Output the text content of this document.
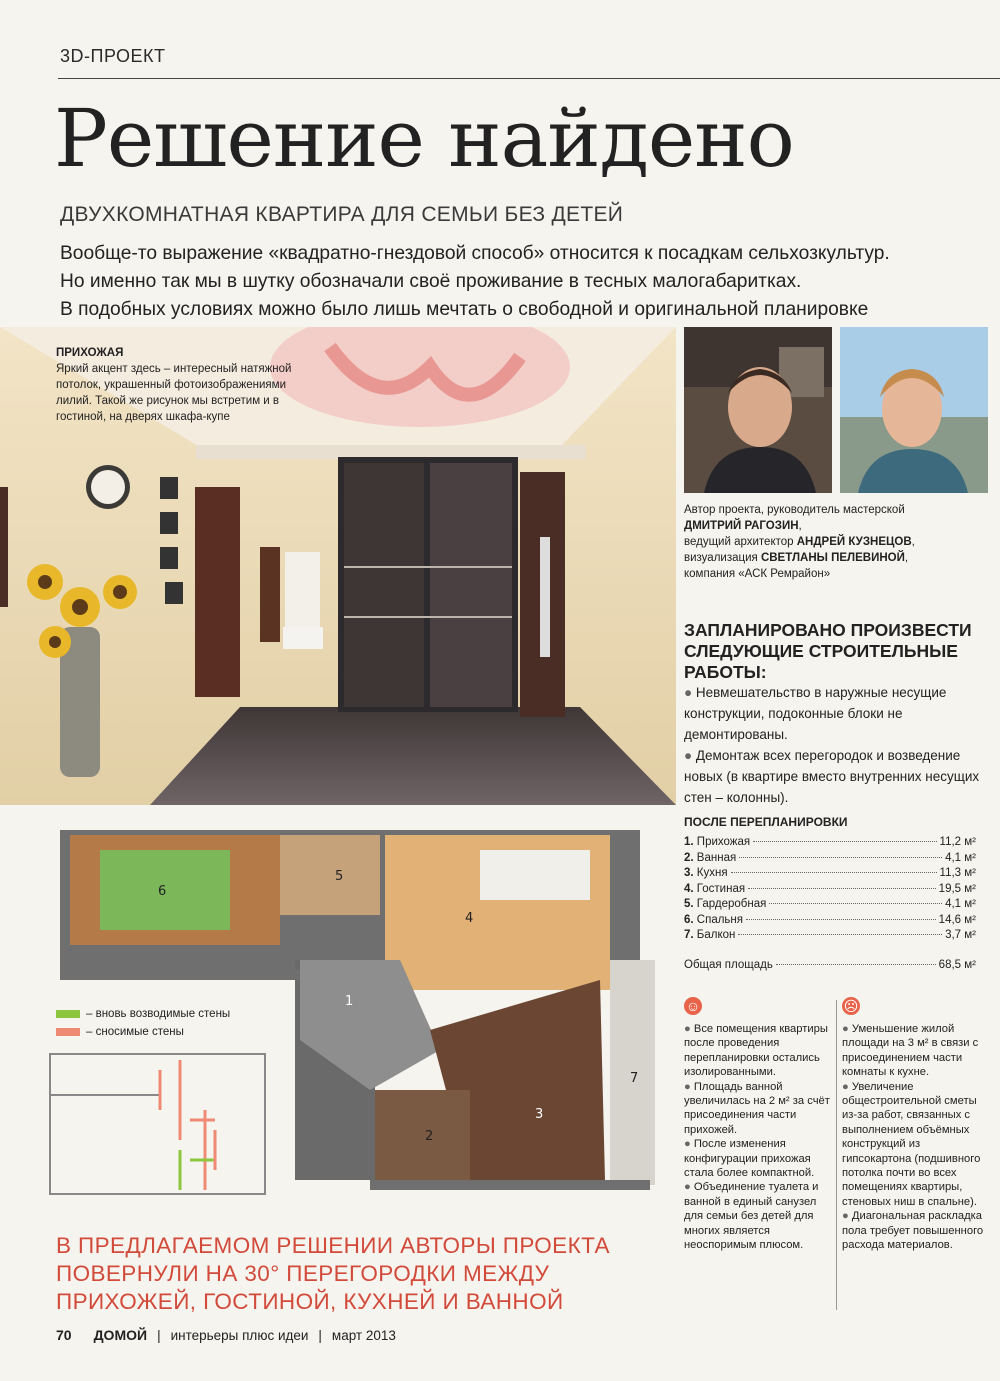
3D-ПРОЕКТ
Решение найдено
ДВУХКОМНАТНАЯ КВАРТИРА ДЛЯ СЕМЬИ БЕЗ ДЕТЕЙ
Вообще-то выражение «квадратно-гнездовой способ» относится к посадкам сельхозкультур.
Но именно так мы в шутку обозначали своё проживание в тесных малогабаритках.
В подобных условиях можно было лишь мечтать о свободной и оригинальной планировке
ПРИХОЖАЯ
Яркий акцент здесь – интересный натяжной потолок, украшенный фотоизображениями лилий. Такой же рисунок мы встретим и в гостиной, на дверях шкафа-купе
Автор проекта, руководитель мастерской
ДМИТРИЙ РАГОЗИН,
ведущий архитектор АНДРЕЙ КУЗНЕЦОВ,
визуализация СВЕТЛАНЫ ПЕЛЕВИНОЙ,
компания «АСК Ремрайон»
ЗАПЛАНИРОВАНО ПРОИЗВЕСТИ СЛЕДУЮЩИЕ СТРОИТЕЛЬНЫЕ РАБОТЫ:
● Невмешательство в наружные несущие конструкции, подоконные блоки не демонтированы.
● Демонтаж всех перегородок и возведение новых (в квартире вместо внутренних несущих стен – колонны).
ПОСЛЕ ПЕРЕПЛАНИРОВКИ
1. Прихожая	11,2 м²
2. Ванная	4,1 м²
3. Кухня	11,3 м²
4. Гостиная	19,5 м²
5. Гардеробная	4,1 м²
6. Спальня	14,6 м²
7. Балкон	3,7 м²
Общая площадь	68,5 м²
☺	☹
● Все помещения квартиры после проведения перепланировки остались изолированными.
● Площадь ванной увеличилась на 2 м² за счёт присоединения части прихожей.
● После изменения конфигурации прихожая стала более компактной.
● Объединение туалета и ванной в единый санузел для семьи без детей для многих является неоспоримым плюсом.
● Уменьшение жилой площади на 3 м² в связи с присоединением части комнаты к кухне.
● Увеличение общестроительной сметы из-за работ, связанных с выполнением объёмных конструкций из гипсокартона (подшивного потолка почти во всех помещениях квартиры, стеновых ниш в спальне).
● Диагональная раскладка пола требует повышенного расхода материалов.
1
2
3
4
5
6
7
– вновь возводимые стены
– сносимые стены
В ПРЕДЛАГАЕМОМ РЕШЕНИИ АВТОРЫ ПРОЕКТА ПОВЕРНУЛИ НА 30° ПЕРЕГОРОДКИ МЕЖДУ ПРИХОЖЕЙ, ГОСТИНОЙ, КУХНЕЙ И ВАННОЙ
70 ДОМОЙ | интерьеры плюс идеи | март 2013
